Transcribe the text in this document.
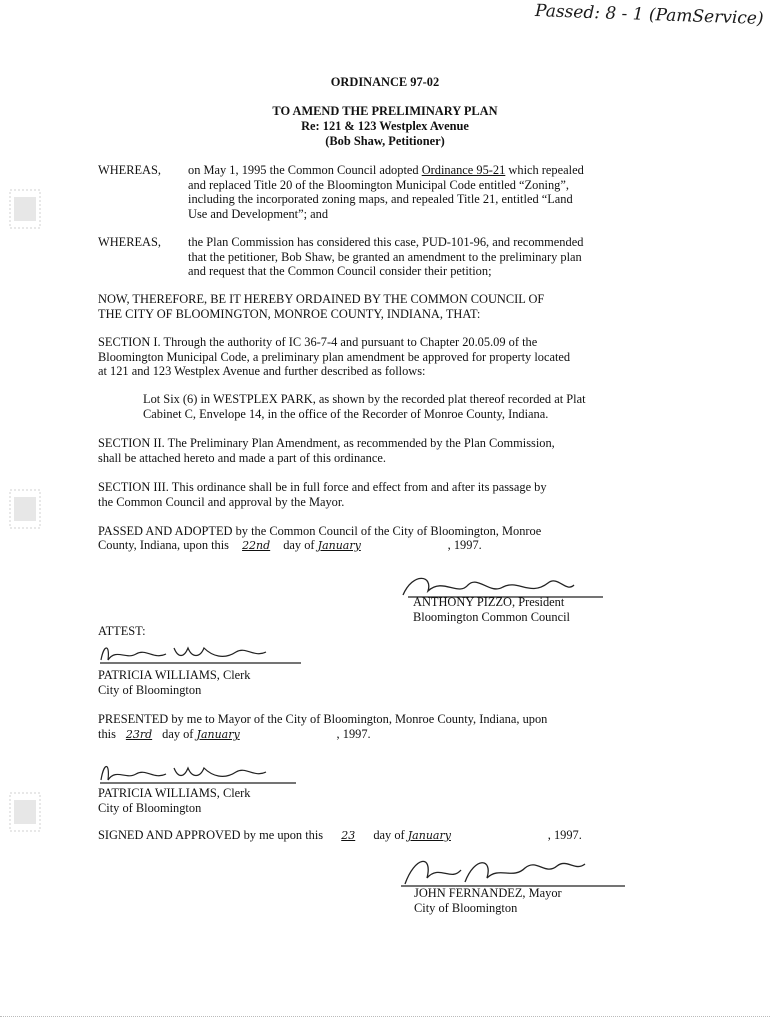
Passed: 8 - 1 (PamService)
ORDINANCE 97-02
TO AMEND THE PRELIMINARY PLAN
Re: 121 & 123 Westplex Avenue
(Bob Shaw, Petitioner)
WHEREAS, on May 1, 1995 the Common Council adopted Ordinance 95-21 which repealed
and replaced Title 20 of the Bloomington Municipal Code entitled “Zoning”,
including the incorporated zoning maps, and repealed Title 21, entitled “Land
Use and Development”; and
WHEREAS, the Plan Commission has considered this case, PUD-101-96, and recommended
that the petitioner, Bob Shaw, be granted an amendment to the preliminary plan
and request that the Common Council consider their petition;
NOW, THEREFORE, BE IT HEREBY ORDAINED BY THE COMMON COUNCIL OF
THE CITY OF BLOOMINGTON, MONROE COUNTY, INDIANA, THAT:
SECTION I. Through the authority of IC 36-7-4 and pursuant to Chapter 20.05.09 of the
Bloomington Municipal Code, a preliminary plan amendment be approved for property located
at 121 and 123 Westplex Avenue and further described as follows:
Lot Six (6) in WESTPLEX PARK, as shown by the recorded plat thereof recorded at Plat
Cabinet C, Envelope 14, in the office of the Recorder of Monroe County, Indiana.
SECTION II. The Preliminary Plan Amendment, as recommended by the Plan Commission,
shall be attached hereto and made a part of this ordinance.
SECTION III. This ordinance shall be in full force and effect from and after its passage by
the Common Council and approval by the Mayor.
PASSED AND ADOPTED by the Common Council of the City of Bloomington, Monroe
County, Indiana, upon this 22nd day of January	, 1997.
ANTHONY PIZZO, President
Bloomington Common Council
ATTEST:
PATRICIA WILLIAMS, Clerk
City of Bloomington
PRESENTED by me to Mayor of the City of Bloomington, Monroe County, Indiana, upon
this 23rd day of January	, 1997.
PATRICIA WILLIAMS, Clerk
City of Bloomington
SIGNED AND APPROVED by me upon this 23 day of January	, 1997.
JOHN FERNANDEZ, Mayor
City of Bloomington
